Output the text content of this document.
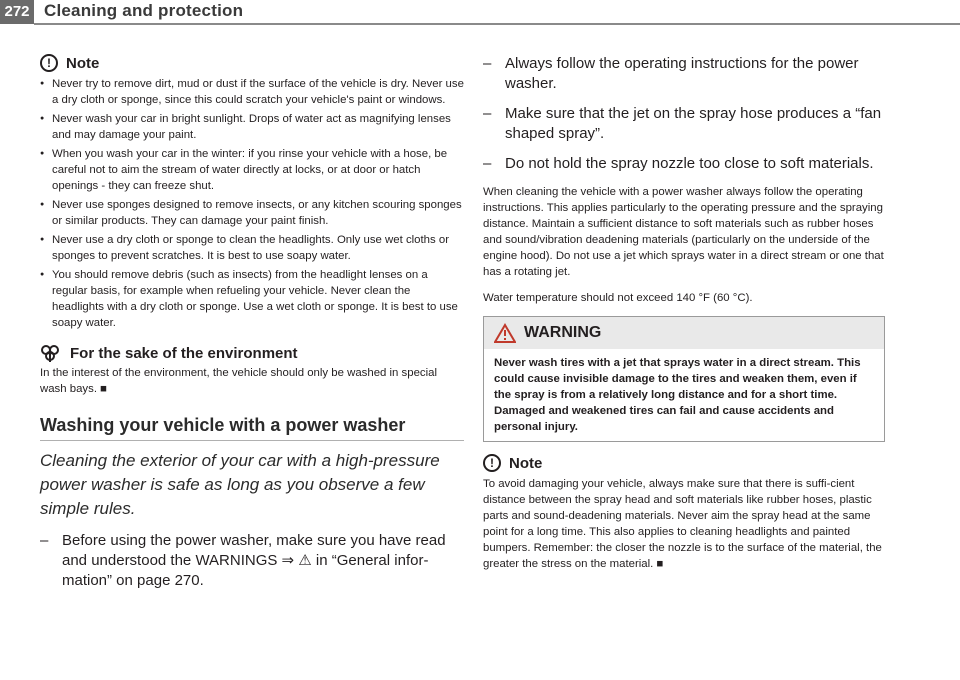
272 Cleaning and protection
!	Note
● Never try to remove dirt, mud or dust if the surface of the vehicle is dry. Never use a dry cloth or sponge, since this could scratch your vehicle's paint or windows.
● Never wash your car in bright sunlight. Drops of water act as magnifying lenses and may damage your paint.
● When you wash your car in the winter: if you rinse your vehicle with a hose, be careful not to aim the stream of water directly at locks, or at door or hatch openings - they can freeze shut.
● Never use sponges designed to remove insects, or any kitchen scouring sponges or similar products. They can damage your paint finish.
● Never use a dry cloth or sponge to clean the headlights. Only use wet cloths or sponges to prevent scratches. It is best to use soapy water.
● You should remove debris (such as insects) from the headlight lenses on a regular basis, for example when refueling your vehicle. Never clean the headlights with a dry cloth or sponge. Use a wet cloth or sponge. It is best to use soapy water.
For the sake of the environment
In the interest of the environment, the vehicle should only be washed in special wash bays. ■
Washing your vehicle with a power washer
Cleaning the exterior of your car with a high-pressure power washer is safe as long as you observe a few simple rules.
– Before using the power washer, make sure you have read and understood the WARNINGS ⇒ ⚠ in “General infor-mation” on page 270.
– Always follow the operating instructions for the power washer.
– Make sure that the jet on the spray hose produces a “fan shaped spray”.
– Do not hold the spray nozzle too close to soft materials.
When cleaning the vehicle with a power washer always follow the operating instructions. This applies particularly to the operating pressure and the spraying distance. Maintain a sufficient distance to soft materials such as rubber hoses and sound/vibration deadening materials (particularly on the underside of the engine hood). Do not use a jet which sprays water in a direct stream or one that has a rotating jet.
Water temperature should not exceed 140 °F (60 °C).
WARNING
Never wash tires with a jet that sprays water in a direct stream. This could cause invisible damage to the tires and weaken them, even if the spray is from a relatively long distance and for a short time. Damaged and weakened tires can fail and cause accidents and personal injury.
!	Note
To avoid damaging your vehicle, always make sure that there is suffi-cient distance between the spray head and soft materials like rubber hoses, plastic parts and sound-deadening materials. Never aim the spray head at the same point for a long time. This also applies to cleaning headlights and painted bumpers. Remember: the closer the nozzle is to the surface of the material, the greater the stress on the material. ■
